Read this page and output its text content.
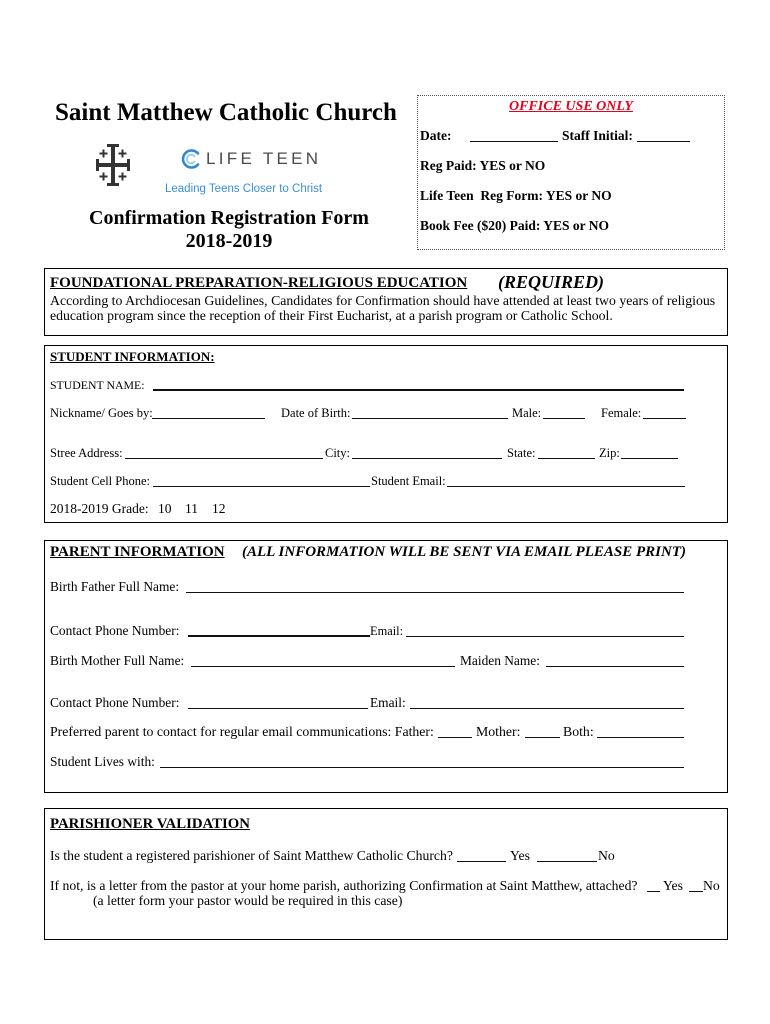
Saint Matthew Catholic Church
LIFE TEEN
Leading Teens Closer to Christ
Confirmation Registration Form
2018-2019
OFFICE USE ONLY
Date:	Staff Initial:
Reg Paid: YES or NO
Life Teen  Reg Form: YES or NO
Book Fee ($20) Paid: YES or NO
FOUNDATIONAL PREPARATION-RELIGIOUS EDUCATION (REQUIRED)
According to Archdiocesan Guidelines, Candidates for Confirmation should have attended at least two years of religious education program since the reception of their First Eucharist, at a parish program or Catholic School.
STUDENT INFORMATION:
STUDENT NAME:
Nickname/ Goes by:	Date of Birth:	Male:	Female:
Stree Address:	City:	State:	Zip:
Student Cell Phone:	Student Email:
2018-2019 Grade: 10 11 12
PARENT INFORMATION (ALL INFORMATION WILL BE SENT VIA EMAIL PLEASE PRINT)
Birth Father Full Name:
Contact Phone Number:	Email:
Birth Mother Full Name:	Maiden Name:
Contact Phone Number:	Email:
Preferred parent to contact for regular email communications: Father:	Mother:	Both:
Student Lives with:
PARISHIONER VALIDATION
Is the student a registered parishioner of Saint Matthew Catholic Church?	Yes	No
If not, is a letter from the pastor at your home parish, authorizing Confirmation at Saint Matthew, attached? Yes No
(a letter form your pastor would be required in this case)
